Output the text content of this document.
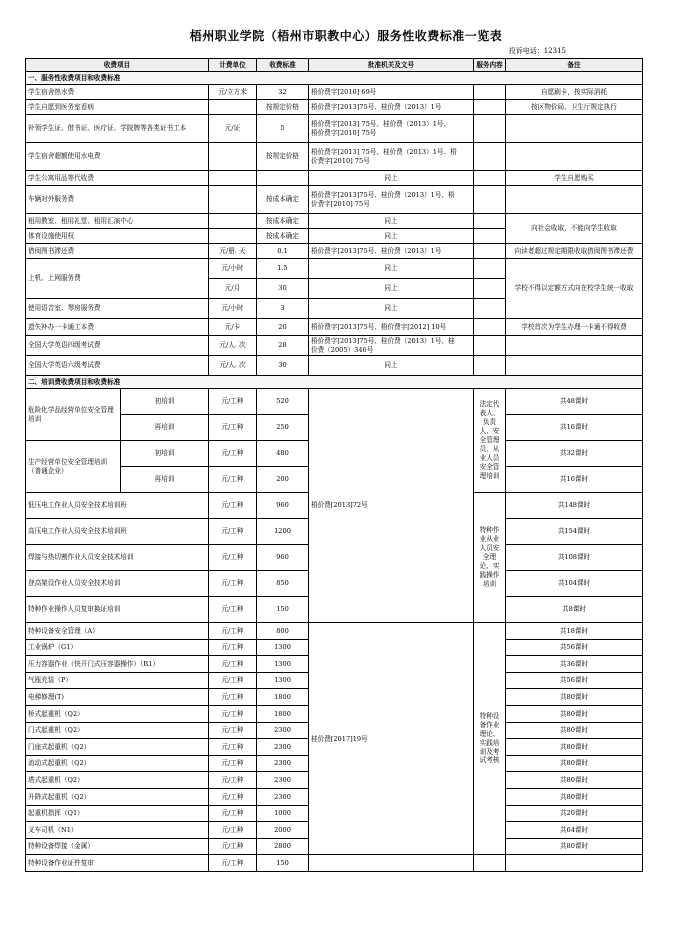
梧州职业学院（梧州市职教中心）服务性收费标准一览表
投诉电话：12315
收费项目		计费单位	收费标准	批准机关及文号	服务内容	备注
一、服务性收费项目和收费标准						
学生宿舍热水费		元/立方米	32	梧价费字[2010] 69号		自愿刷卡，按实际消耗
学生自愿到医务室看病			按规定价格	梧价费字[2013]75号、桂价费（2013）1号		按区物价局、卫生厅规定执行
补领学生证、借书证、医疗证、学院牌等各类证书工本		元/证	5	梧价费字[2013] 75号、桂价费（2013）1号、
梧价费字[2010] 75号		

学生宿舍超额使用水电费			按规定价格	梧价费字[2013] 75号、桂价费（2013）1号、梧
价费字[2010] 75号		

学生公寓用品等代收费				同上		学生自愿购买
车辆对外服务费			按成本确定	梧价费字[2013]75号、桂价费（2013）1号、梧
价费字[2010] 75号		

租用教室、租用礼堂、租用汇演中心			按成本确定	同上		向社会收取，不能向学生收取
体育设施使用权			按成本确定	同上		
借阅图书滞还费		元/册. 天	0.1	梧价费字[2013]75号、桂价费（2013）1号		向读者超过规定期限收取借阅图书滞还费
上机、上网服务费		元/小时	1.5	同上		学校不得以定额方式向在校学生统一收取
		元/月	30	同上		
使用语音室、琴房服务费		元/小时	3	同上		
遗失补办一卡通工本费		元/卡	20	梧价费字[2013]75号、梧价费字[2012] 10号		学校首次为学生办理一卡通不得收费
全国大学英语四级考试费		元/人. 次	28	梧价费字[2013]75号、桂价费（2013）1号、桂
价费（2005）346号		

全国大学英语六级考试费		元/人. 次	30	同上		
二、培训费收费项目和收费标准						
危险化学品经营单位安全管理培训	初培训	元/工种	520	梧价费[2013]72号	法定代表人、负责人、安全管理员、从业人员安全管理培训	共48课时
	再培训	元/工种	250			共16课时
生产经营单位安全管理培训（普通企业）	初培训	元/工种	480			共32课时
	再培训	元/工种	200			共16课时
低压电工作业人员安全技术培训班		元/工种	960		特种作业从业人员安全理论、实践操作培训	共148课时
高压电工作业人员安全技术培训班		元/工种	1200			共154课时
焊接与热切割作业人员安全技术培训		元/工种	960			共108课时
登高架设作业人员安全技术培训		元/工种	850			共104课时
特种作业操作人员复审换证培训		元/工种	150			共8课时
特种设备安全管理（A）		元/工种	800	桂价费[2017]19号	特种设备作业理论、实践培训及考试考核	共18课时
工业锅炉（G1）		元/工种	1300			共56课时
压力容器作业（快开门式压容器操作）（R1）		元/工种	1300			共36课时
气瓶充装（P）		元/工种	1300			共56课时
电梯修理(T)		元/工种	1800			共80课时
桥式起重机（Q2）		元/工种	1800			共80课时
门式起重机（Q2）		元/工种	2300			共80课时
门座式起重机（Q2）		元/工种	2300			共80课时
流动式起重机（Q2）		元/工种	2300			共80课时
塔式起重机（Q2）		元/工种	2300			共80课时
升降式起重机（Q2）		元/工种	2300			共80课时
起重机指挥（Q1）		元/工种	1000			共20课时
叉车司机（N1）		元/工种	2000			共64课时
特种设备焊接（金属）		元/工种	2800			共80课时
特种设备作业证件复审		元/工种	150			
